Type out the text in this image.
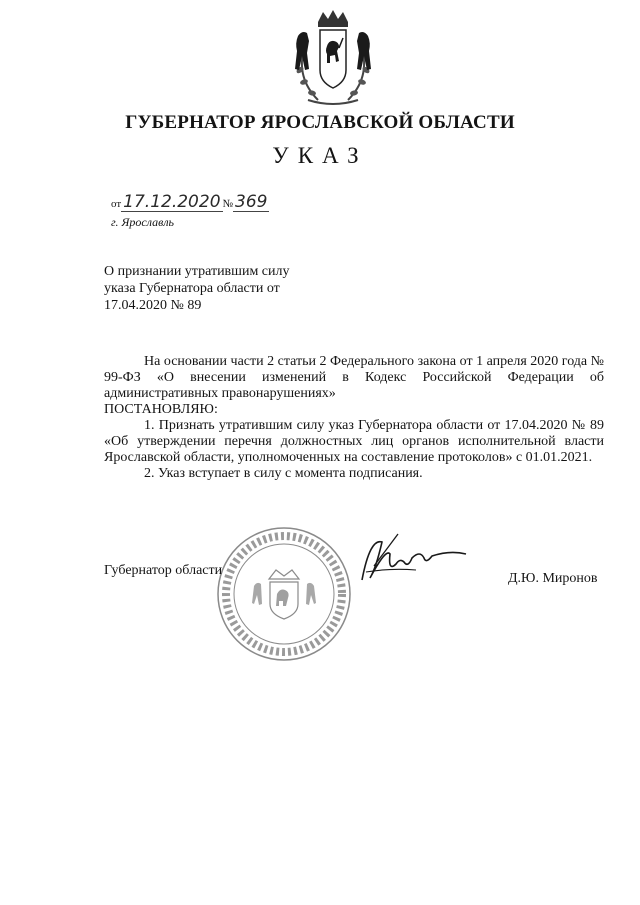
ГУБЕРНАТОР ЯРОСЛАВСКОЙ ОБЛАСТИ
УКАЗ
от 17.12.2020 № 369
г. Ярославль
О признании утратившим силу
указа Губернатора области от
17.04.2020 № 89

На основании части 2 статьи 2 Федерального закона от 1 апреля 2020 года № 99-ФЗ «О внесении изменений в Кодекс Российской Федерации об административных правонарушениях»

ПОСТАНОВЛЯЮ:

1. Признать утратившим силу указ Губернатора области от 17.04.2020 № 89 «Об утверждении перечня должностных лиц органов исполнительной власти Ярославской области, уполномоченных на составление протоколов» с 01.01.2021.

2. Указ вступает в силу с момента подписания.

Губернатор области
Д.Ю. Миронов
